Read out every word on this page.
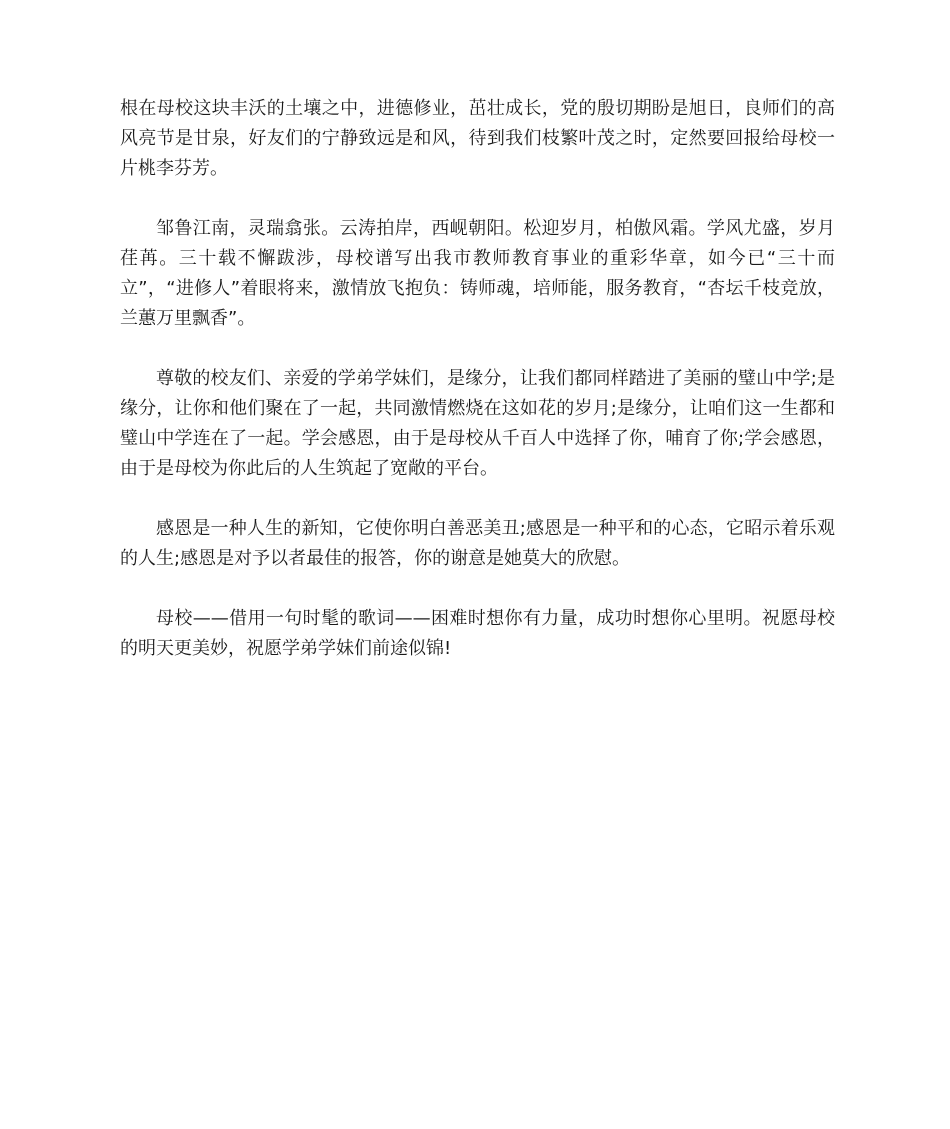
根在母校这块丰沃的土壤之中，进德修业，茁壮成长，党的殷切期盼是旭日，良师们的高风亮节是甘泉，好友们的宁静致远是和风，待到我们枝繁叶茂之时，定然要回报给母校一片桃李芬芳。

邹鲁江南，灵瑞翕张。云涛拍岸，西岘朝阳。松迎岁月，柏傲风霜。学风尤盛，岁月荏苒。三十载不懈跋涉，母校谱写出我市教师教育事业的重彩华章，如今已“三十而立”，“进修人”着眼将来，激情放飞抱负：铸师魂，培师能，服务教育，“杏坛千枝竞放，兰蕙万里飘香”。

尊敬的校友们、亲爱的学弟学妹们，是缘分，让我们都同样踏进了美丽的璧山中学;是缘分，让你和他们聚在了一起，共同激情燃烧在这如花的岁月;是缘分，让咱们这一生都和璧山中学连在了一起。学会感恩，由于是母校从千百人中选择了你，哺育了你;学会感恩，由于是母校为你此后的人生筑起了宽敞的平台。

感恩是一种人生的新知，它使你明白善恶美丑;感恩是一种平和的心态，它昭示着乐观的人生;感恩是对予以者最佳的报答，你的谢意是她莫大的欣慰。

母校——借用一句时髦的歌词——困难时想你有力量，成功时想你心里明。祝愿母校的明天更美妙，祝愿学弟学妹们前途似锦!
